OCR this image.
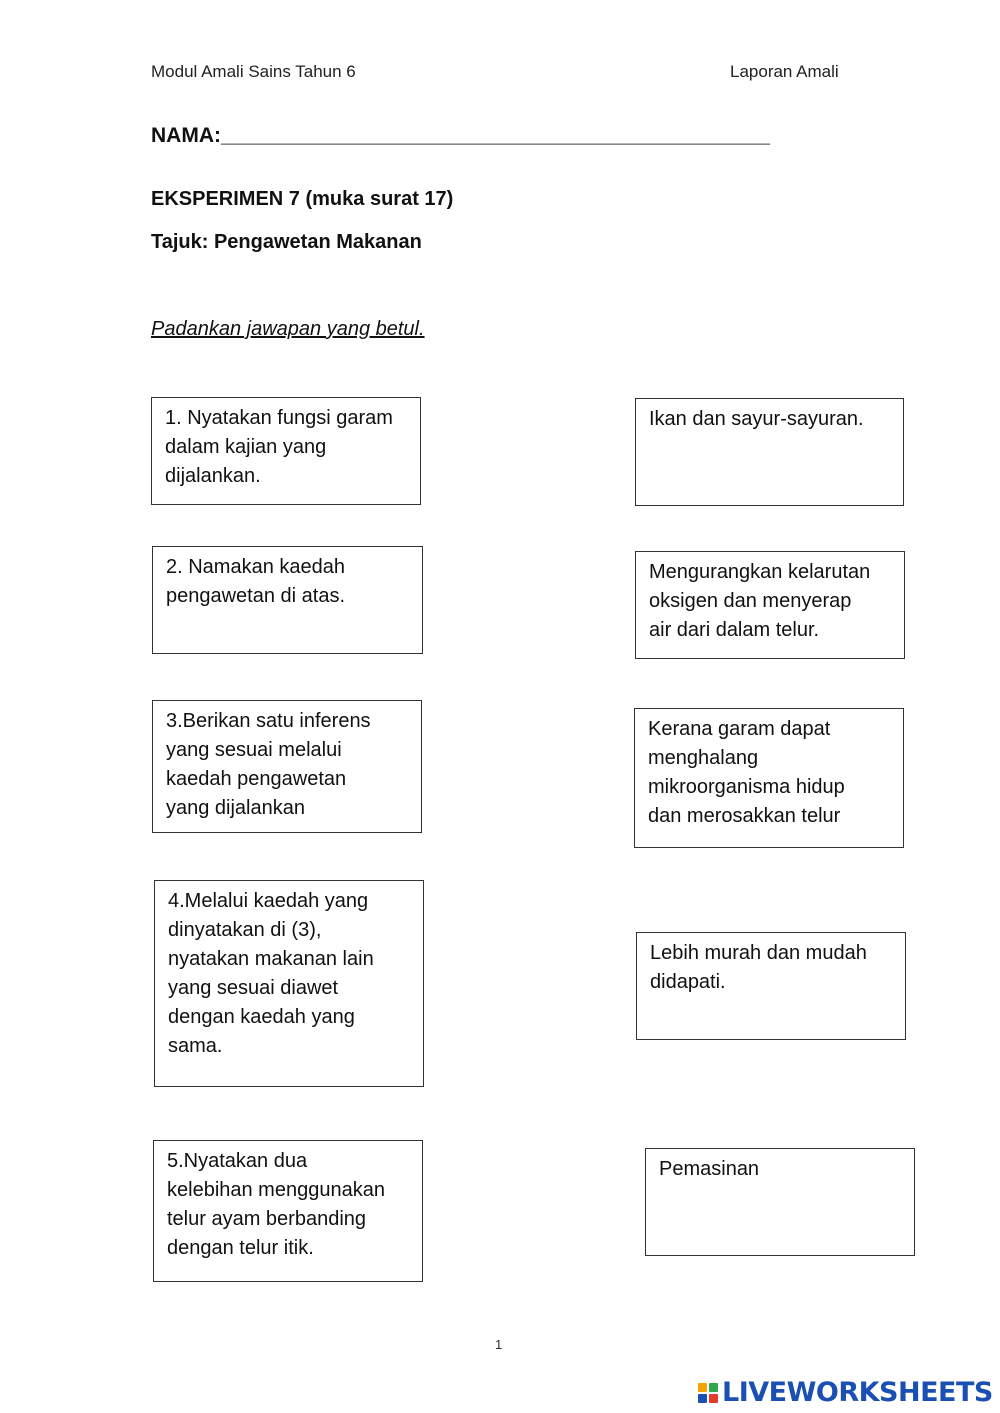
Modul Amali Sains Tahun 6	Laporan Amali
NAMA:_______________________________________________
EKSPERIMEN 7 (muka surat 17)
Tajuk: Pengawetan Makanan
Padankan jawapan yang betul.
1. Nyatakan fungsi garam
dalam kajian yang
dijalankan.
2. Namakan kaedah
pengawetan di atas.
3.Berikan satu inferens
yang sesuai melalui
kaedah pengawetan
yang dijalankan
4.Melalui kaedah yang
dinyatakan di (3),
nyatakan makanan lain
yang sesuai diawet
dengan kaedah yang
sama.
5.Nyatakan dua
kelebihan menggunakan
telur ayam berbanding
dengan telur itik.
Ikan dan sayur-sayuran.
Mengurangkan kelarutan
oksigen dan menyerap
air dari dalam telur.
Kerana garam dapat
menghalang
mikroorganisma hidup
dan merosakkan telur
Lebih murah dan mudah
didapati.
Pemasinan
1
LIVEWORKSHEETS
